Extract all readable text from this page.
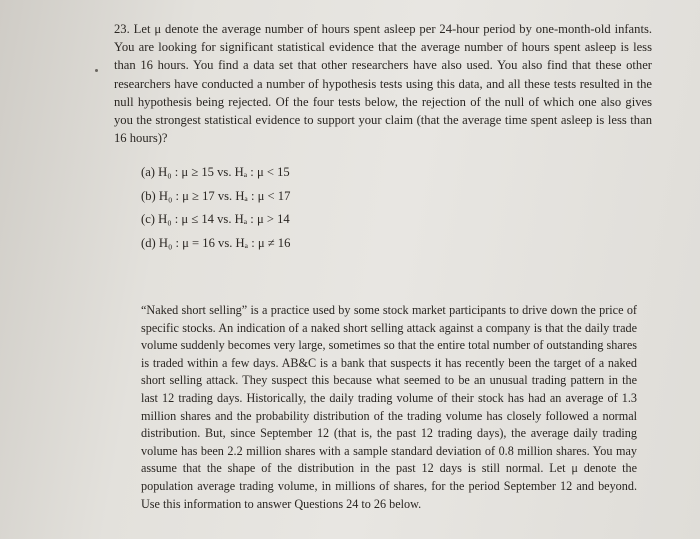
23. Let μ denote the average number of hours spent asleep per 24-hour period by one-month-old infants. You are looking for significant statistical evidence that the average number of hours spent asleep is less than 16 hours. You find a data set that other researchers have also used. You also find that these other researchers have conducted a number of hypothesis tests using this data, and all these tests resulted in the null hypothesis being rejected. Of the four tests below, the rejection of the null of which one also gives you the strongest statistical evidence to support your claim (that the average time spent asleep is less than 16 hours)?
(a) H₀ : μ ≥ 15 vs. Hₐ : μ < 15
(b) H₀ : μ ≥ 17 vs. Hₐ : μ < 17
(c) H₀ : μ ≤ 14 vs. Hₐ : μ > 14
(d) H₀ : μ = 16 vs. Hₐ : μ ≠ 16
“Naked short selling” is a practice used by some stock market participants to drive down the price of specific stocks. An indication of a naked short selling attack against a company is that the daily trade volume suddenly becomes very large, sometimes so that the entire total number of outstanding shares is traded within a few days. AB&C is a bank that suspects it has recently been the target of a naked short selling attack. They suspect this because what seemed to be an unusual trading pattern in the last 12 trading days. Historically, the daily trading volume of their stock has had an average of 1.3 million shares and the probability distribution of the trading volume has closely followed a normal distribution. But, since September 12 (that is, the past 12 trading days), the average daily trading volume has been 2.2 million shares with a sample standard deviation of 0.8 million shares. You may assume that the shape of the distribution in the past 12 days is still normal. Let μ denote the population average trading volume, in millions of shares, for the period September 12 and beyond. Use this information to answer Questions 24 to 26 below.
